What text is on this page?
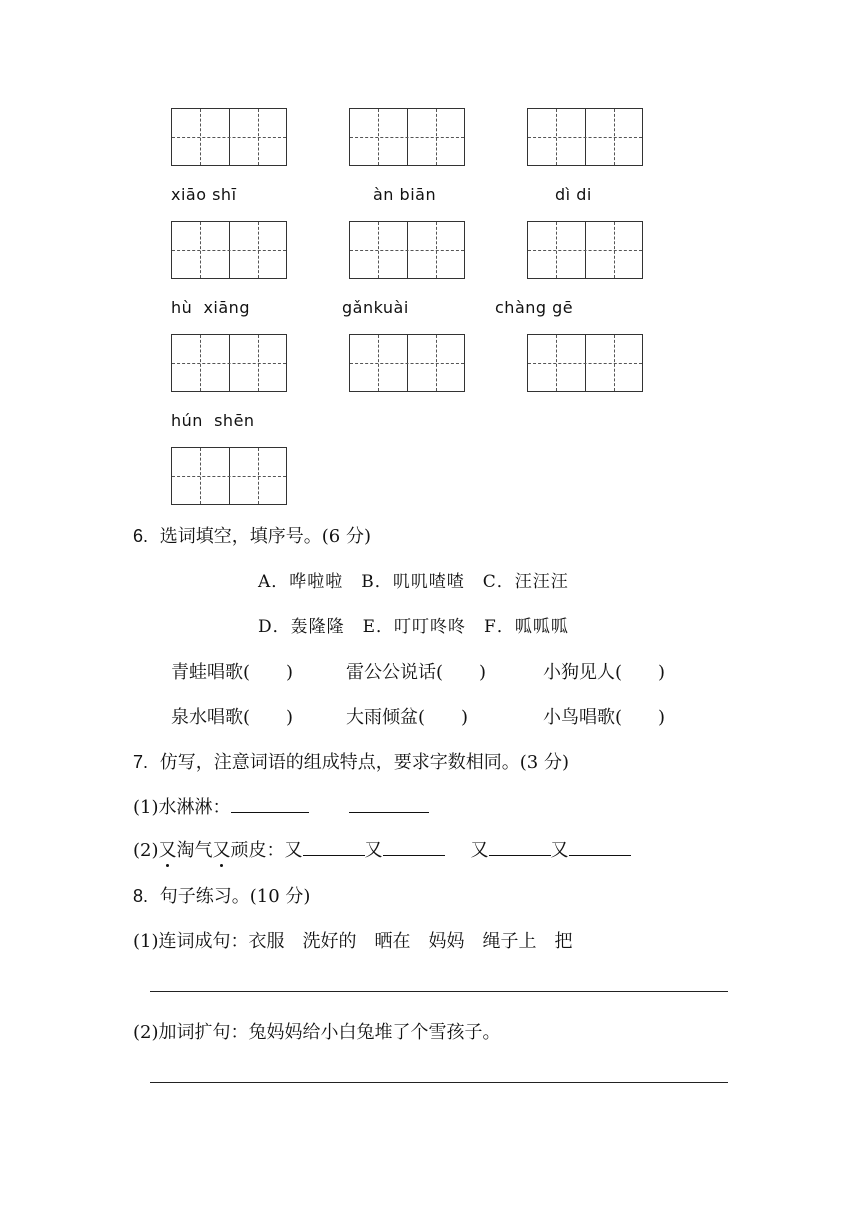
xiāo shī	àn biān	dì di
hù  xiāng	gǎnkuài	chàng gē
hún  shēn
6. 选词填空，填序号。(6 分)
A．哗啦啦　B．叽叽喳喳　C．汪汪汪
D．轰隆隆　E．叮叮咚咚　F．呱呱呱
青蛙唱歌(　　)	雷公公说话(　　)	小狗见人(　　)
泉水唱歌(　　)	大雨倾盆(　　)	小鸟唱歌(　　)
7. 仿写，注意词语的组成特点，要求字数相同。(3 分)
(1)水淋淋：
(2)又淘气又顽皮：又	又	又	又
8. 句子练习。(10 分)
(1)连词成句：衣服　洗好的　晒在　妈妈　绳子上　把
(2)加词扩句：兔妈妈给小白兔堆了个雪孩子。
